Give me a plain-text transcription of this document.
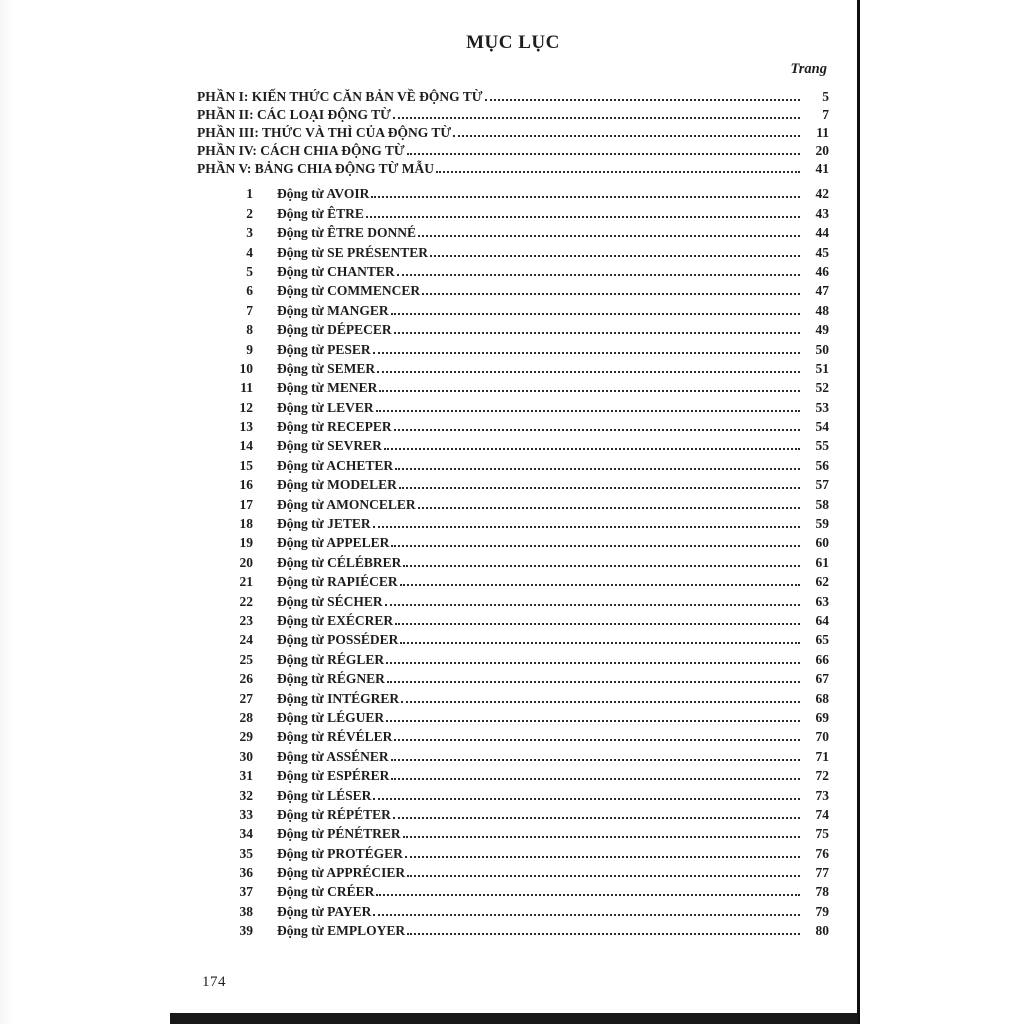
MỤC LỤC
Trang
PHẦN I: KIẾN THỨC CĂN BẢN VỀ ĐỘNG TỪ	5
PHẦN II: CÁC LOẠI ĐỘNG TỪ	7
PHẦN III: THỨC VÀ THÌ CỦA ĐỘNG TỪ	11
PHẦN IV: CÁCH CHIA ĐỘNG TỪ	20
PHẦN V: BẢNG CHIA ĐỘNG TỪ MẪU	41
1 Động từ AVOIR	42
2 Động từ ÊTRE	43
3 Động từ ÊTRE DONNÉ	44
4 Động từ SE PRÉSENTER	45
5 Động từ CHANTER	46
6 Động từ COMMENCER	47
7 Động từ MANGER	48
8 Động từ DÉPECER	49
9 Động từ PESER	50
10 Động từ SEMER	51
11 Động từ MENER	52
12 Động từ LEVER	53
13 Động từ RECEPER	54
14 Động từ SEVRER	55
15 Động từ ACHETER	56
16 Động từ MODELER	57
17 Động từ AMONCELER	58
18 Động từ JETER	59
19 Động từ APPELER	60
20 Động từ CÉLÉBRER	61
21 Động từ RAPIÉCER	62
22 Động từ SÉCHER	63
23 Động từ EXÉCRER	64
24 Động từ POSSÉDER	65
25 Động từ RÉGLER	66
26 Động từ RÉGNER	67
27 Động từ INTÉGRER	68
28 Động từ LÉGUER	69
29 Động từ RÉVÉLER	70
30 Động từ ASSÉNER	71
31 Động từ ESPÉRER	72
32 Động từ LÉSER	73
33 Động từ RÉPÉTER	74
34 Động từ PÉNÉTRER	75
35 Động từ PROTÉGER	76
36 Động từ APPRÉCIER	77
37 Động từ CRÉER	78
38 Động từ PAYER	79
39 Động từ EMPLOYER	80
174
